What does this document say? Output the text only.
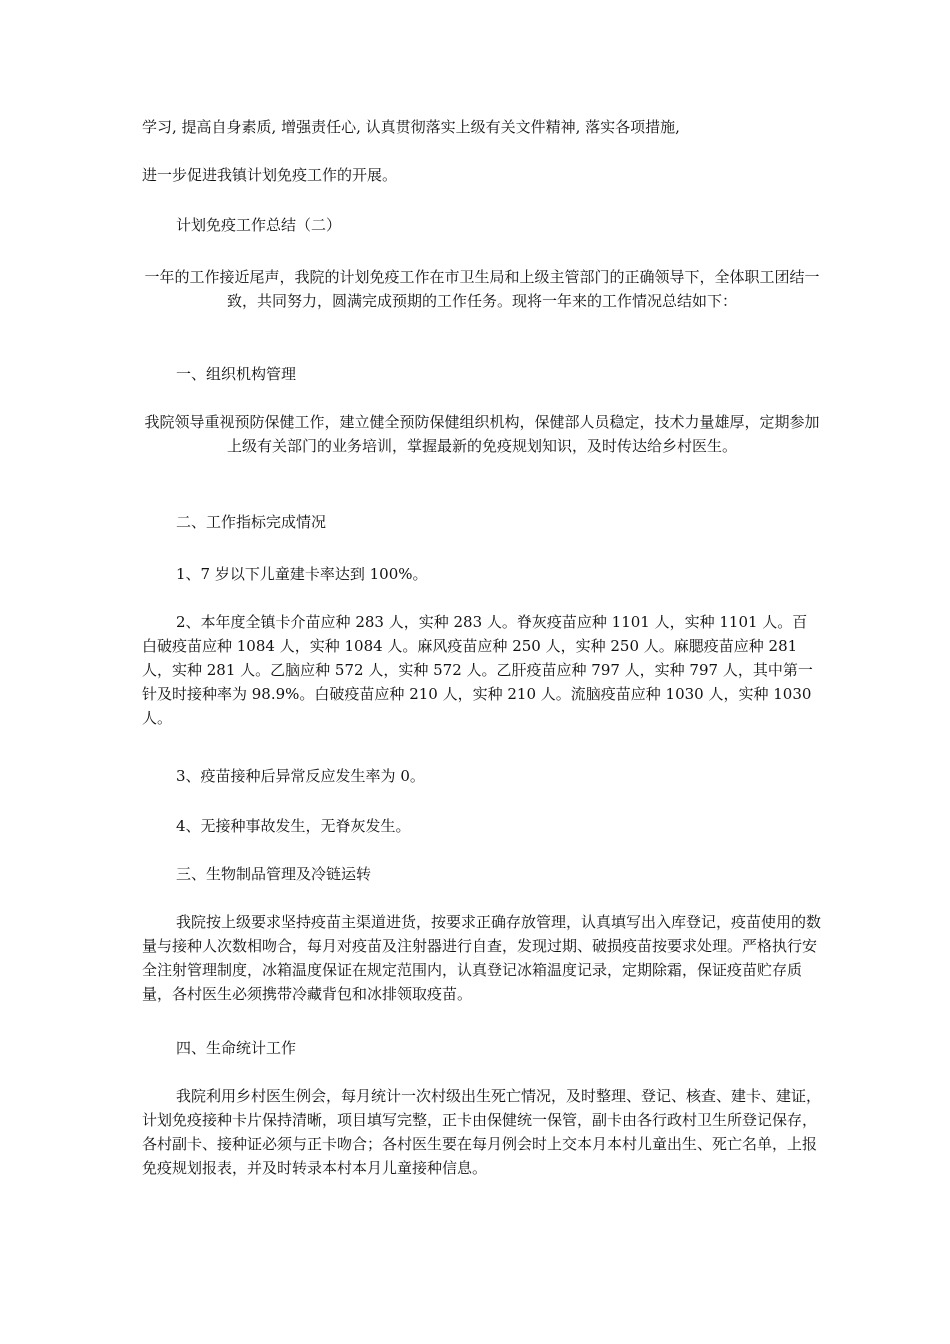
学习, 提高自身素质, 增强责任心, 认真贯彻落实上级有关文件精神, 落实各项措施,

进一步促进我镇计划免疫工作的开展。

计划免疫工作总结（二）

一年的工作接近尾声，我院的计划免疫工作在市卫生局和上级主管部门的正确领导下，全体职工团结一致，共同努力，圆满完成预期的工作任务。现将一年来的工作情况总结如下：

一、组织机构管理

我院领导重视预防保健工作，建立健全预防保健组织机构，保健部人员稳定，技术力量雄厚，定期参加上级有关部门的业务培训，掌握最新的免疫规划知识，及时传达给乡村医生。

二、工作指标完成情况

1、7 岁以下儿童建卡率达到 100%。

2、本年度全镇卡介苗应种 283 人，实种 283 人。脊灰疫苗应种 1101 人，实种 1101 人。百白破疫苗应种 1084 人，实种 1084 人。麻风疫苗应种 250 人，实种 250 人。麻腮疫苗应种 281 人，实种 281 人。乙脑应种 572 人，实种 572 人。乙肝疫苗应种 797 人，实种 797 人，其中第一针及时接种率为 98.9%。白破疫苗应种 210 人，实种 210 人。流脑疫苗应种 1030 人，实种 1030 人。

3、疫苗接种后异常反应发生率为 0。

4、无接种事故发生，无脊灰发生。

三、生物制品管理及冷链运转

我院按上级要求坚持疫苗主渠道进货，按要求正确存放管理，认真填写出入库登记，疫苗使用的数量与接种人次数相吻合，每月对疫苗及注射器进行自查，发现过期、破损疫苗按要求处理。严格执行安全注射管理制度，冰箱温度保证在规定范围内，认真登记冰箱温度记录，定期除霜，保证疫苗贮存质量，各村医生必须携带冷藏背包和冰排领取疫苗。

四、生命统计工作

我院利用乡村医生例会，每月统计一次村级出生死亡情况，及时整理、登记、核查、建卡、建证，计划免疫接种卡片保持清晰，项目填写完整，正卡由保健统一保管，副卡由各行政村卫生所登记保存，各村副卡、接种证必须与正卡吻合；各村医生要在每月例会时上交本月本村儿童出生、死亡名单，上报免疫规划报表，并及时转录本村本月儿童接种信息。
